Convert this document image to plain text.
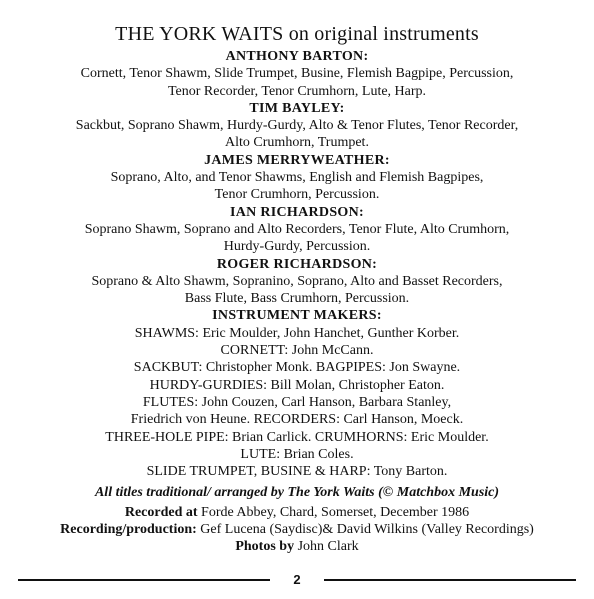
THE YORK WAITS on original instruments
ANTHONY BARTON:
Cornett, Tenor Shawm, Slide Trumpet, Busine, Flemish Bagpipe, Percussion,
Tenor Recorder, Tenor Crumhorn, Lute, Harp.
TIM BAYLEY:
Sackbut, Soprano Shawm, Hurdy-Gurdy, Alto & Tenor Flutes, Tenor Recorder,
Alto Crumhorn, Trumpet.
JAMES MERRYWEATHER:
Soprano, Alto, and Tenor Shawms, English and Flemish Bagpipes,
Tenor Crumhorn, Percussion.
IAN RICHARDSON:
Soprano Shawm, Soprano and Alto Recorders, Tenor Flute, Alto Crumhorn,
Hurdy-Gurdy, Percussion.
ROGER RICHARDSON:
Soprano & Alto Shawm, Sopranino, Soprano, Alto and Basset Recorders,
Bass Flute, Bass Crumhorn, Percussion.
INSTRUMENT MAKERS:
SHAWMS: Eric Moulder, John Hanchet, Gunther Korber.
CORNETT: John McCann.
SACKBUT: Christopher Monk. BAGPIPES: Jon Swayne.
HURDY-GURDIES: Bill Molan, Christopher Eaton.
FLUTES: John Couzen, Carl Hanson, Barbara Stanley,
Friedrich von Heune. RECORDERS: Carl Hanson, Moeck.
THREE-HOLE PIPE: Brian Carlick. CRUMHORNS: Eric Moulder.
LUTE: Brian Coles.
SLIDE TRUMPET, BUSINE & HARP: Tony Barton.
All titles traditional/ arranged by The York Waits (© Matchbox Music)
Recorded at Forde Abbey, Chard, Somerset, December 1986
Recording/production: Gef Lucena (Saydisc)& David Wilkins (Valley Recordings)
Photos by John Clark
2
